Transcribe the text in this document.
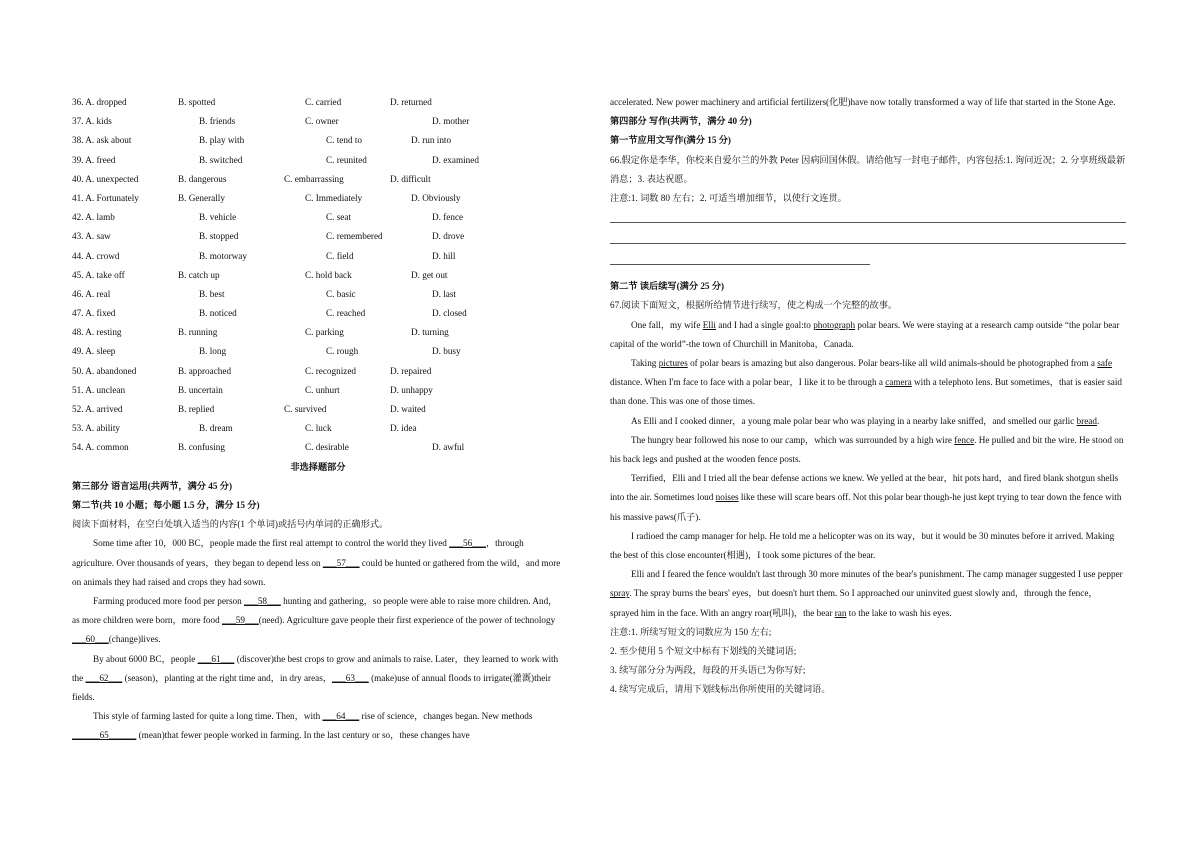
36. A. dropped	B. spotted	C. carried	D. returned
37. A. kids	B. friends	C. owner	D. mother
38. A. ask about	B. play with	C. tend to	D. run into
39. A. freed	B. switched	C. reunited	D. examined
40. A. unexpected	B. dangerous	C. embarrassing	D. difficult
41. A. Fortunately	B. Generally	C. Immediately	D. Obviously
42. A. lamb	B. vehicle	C. seat	D. fence
43. A. saw	B. stopped	C. remembered	D. drove
44. A. crowd	B. motorway	C. field	D. hill
45. A. take off	B. catch up	C. hold back	D. get out
46. A. real	B. best	C. basic	D. last
47. A. fixed	B. noticed	C. reached	D. closed
48. A. resting	B. running	C. parking	D. turning
49. A. sleep	B. long	C. rough	D. busy
50. A. abandoned	B. approached	C. recognized	D. repaired
51. A. unclean	B. uncertain	C. unhurt	D. unhappy
52. A. arrived	B. replied	C. survived	D. waited
53. A. ability	B. dream	C. luck	D. idea
54. A. common	B. confusing	C. desirable	D. awful
非选择题部分
第三部分 语言运用(共两节，满分 45 分)
第二节(共 10 小题；每小题 1.5 分，满分 15 分)
阅读下面材料，在空白处填入适当的内容(1 个单词)或括号内单词的正确形式。

Some time after 10，000 BC，people made the first real attempt to control the world they lived ___56___，through agriculture. Over thousands of years，they began to depend less on ___57___ could be hunted or gathered from the wild，and more on animals they had raised and crops they had sown.

Farming produced more food per person ___58___ hunting and gathering，so people were able to raise more children. And，as more children were born，more food ___59___(need). Agriculture gave people their first experience of the power of technology ___60___(change)lives.

By about 6000 BC，people ___61___ (discover)the best crops to grow and animals to raise. Later，they learned to work with the ___62___ (season)，planting at the right time and，in dry areas，___63___ (make)use of annual floods to irrigate(灌溉)their fields.

This style of farming lasted for quite a long time. Then，with ___64___ rise of science，changes began. New methods ______65______ (mean)that fewer people worked in farming. In the last century or so，these changes have

accelerated. New power machinery and artificial fertilizers(化肥)have now totally transformed a way of life that started in the Stone Age.

第四部分 写作(共两节，满分 40 分)
第一节应用文写作(满分 15 分)

66.假定你是李华，你校来自爱尔兰的外教 Peter 因病回国休假。请给他写一封电子邮件，内容包括:1. 询问近况；2. 分享班级最新消息；3. 表达祝愿。

注意:1. 词数 80 左右；2. 可适当增加细节，以使行文连贯。
第二节 读后续写(满分 25 分)
67.阅读下面短文，根据所给情节进行续写，使之构成一个完整的故事。

One fall，my wife Elli and I had a single goal:to photograph polar bears. We were staying at a research camp outside “the polar bear capital of the world”-the town of Churchill in Manitoba，Canada.

Taking pictures of polar bears is amazing but also dangerous. Polar bears-like all wild animals-should be photographed from a safe distance. When I'm face to face with a polar bear，I like it to be through a camera with a telephoto lens. But sometimes，that is easier said than done. This was one of those times.

As Elli and I cooked dinner，a young male polar bear who was playing in a nearby lake sniffed，and smelled our garlic bread.

The hungry bear followed his nose to our camp，which was surrounded by a high wire fence. He pulled and bit the wire. He stood on his back legs and pushed at the wooden fence posts.

Terrified，Elli and I tried all the bear defense actions we knew. We yelled at the bear，hit pots hard，and fired blank shotgun shells into the air. Sometimes loud noises like these will scare bears off. Not this polar bear though-he just kept trying to tear down the fence with his massive paws(爪子).

I radioed the camp manager for help. He told me a helicopter was on its way，but it would be 30 minutes before it arrived. Making the best of this close encounter(相遇)，I took some pictures of the bear.

Elli and I feared the fence wouldn't last through 30 more minutes of the bear's punishment. The camp manager suggested I use pepper spray. The spray burns the bears' eyes，but doesn't hurt them. So I approached our uninvited guest slowly and，through the fence，sprayed him in the face. With an angry roar(吼叫)，the bear ran to the lake to wash his eyes.

注意:1. 所续写短文的词数应为 150 左右;
2. 至少使用 5 个短文中标有下划线的关键词语;
3. 续写部分分为两段，每段的开头语已为你写好;
4. 续写完成后，请用下划线标出你所使用的关键词语。
